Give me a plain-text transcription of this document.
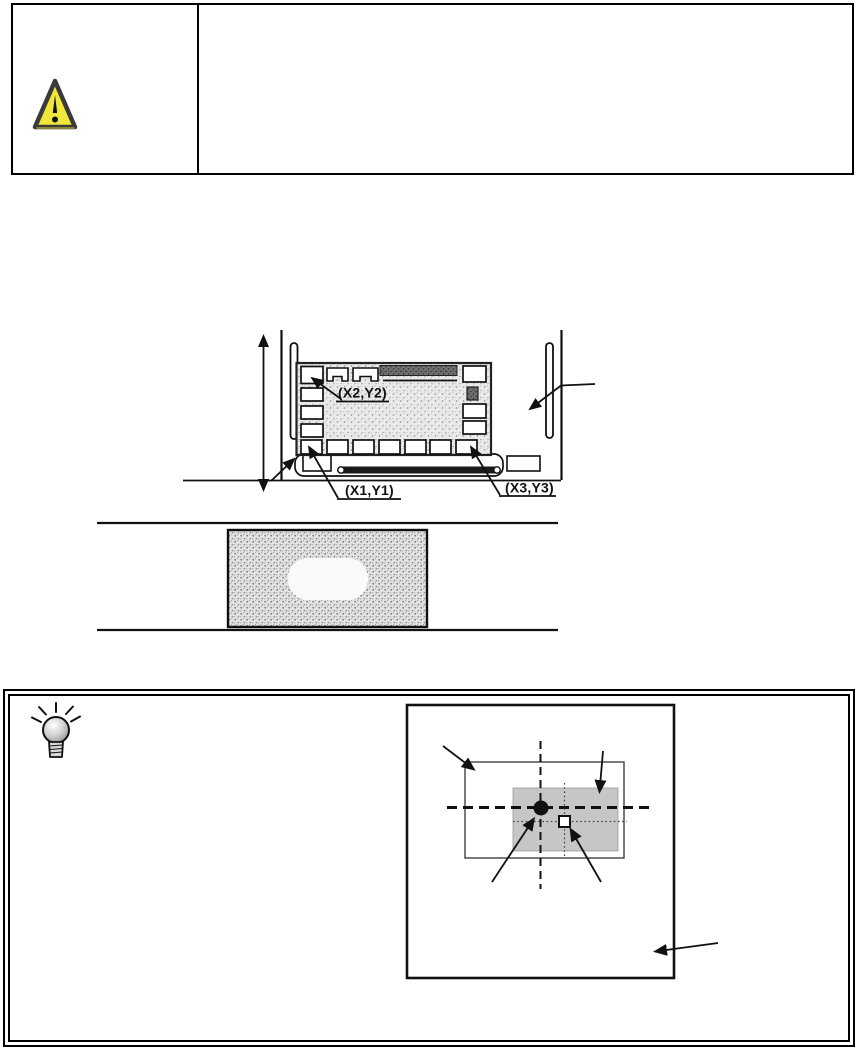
(X2,Y2)
(X1,Y1)	(X3,Y3)
